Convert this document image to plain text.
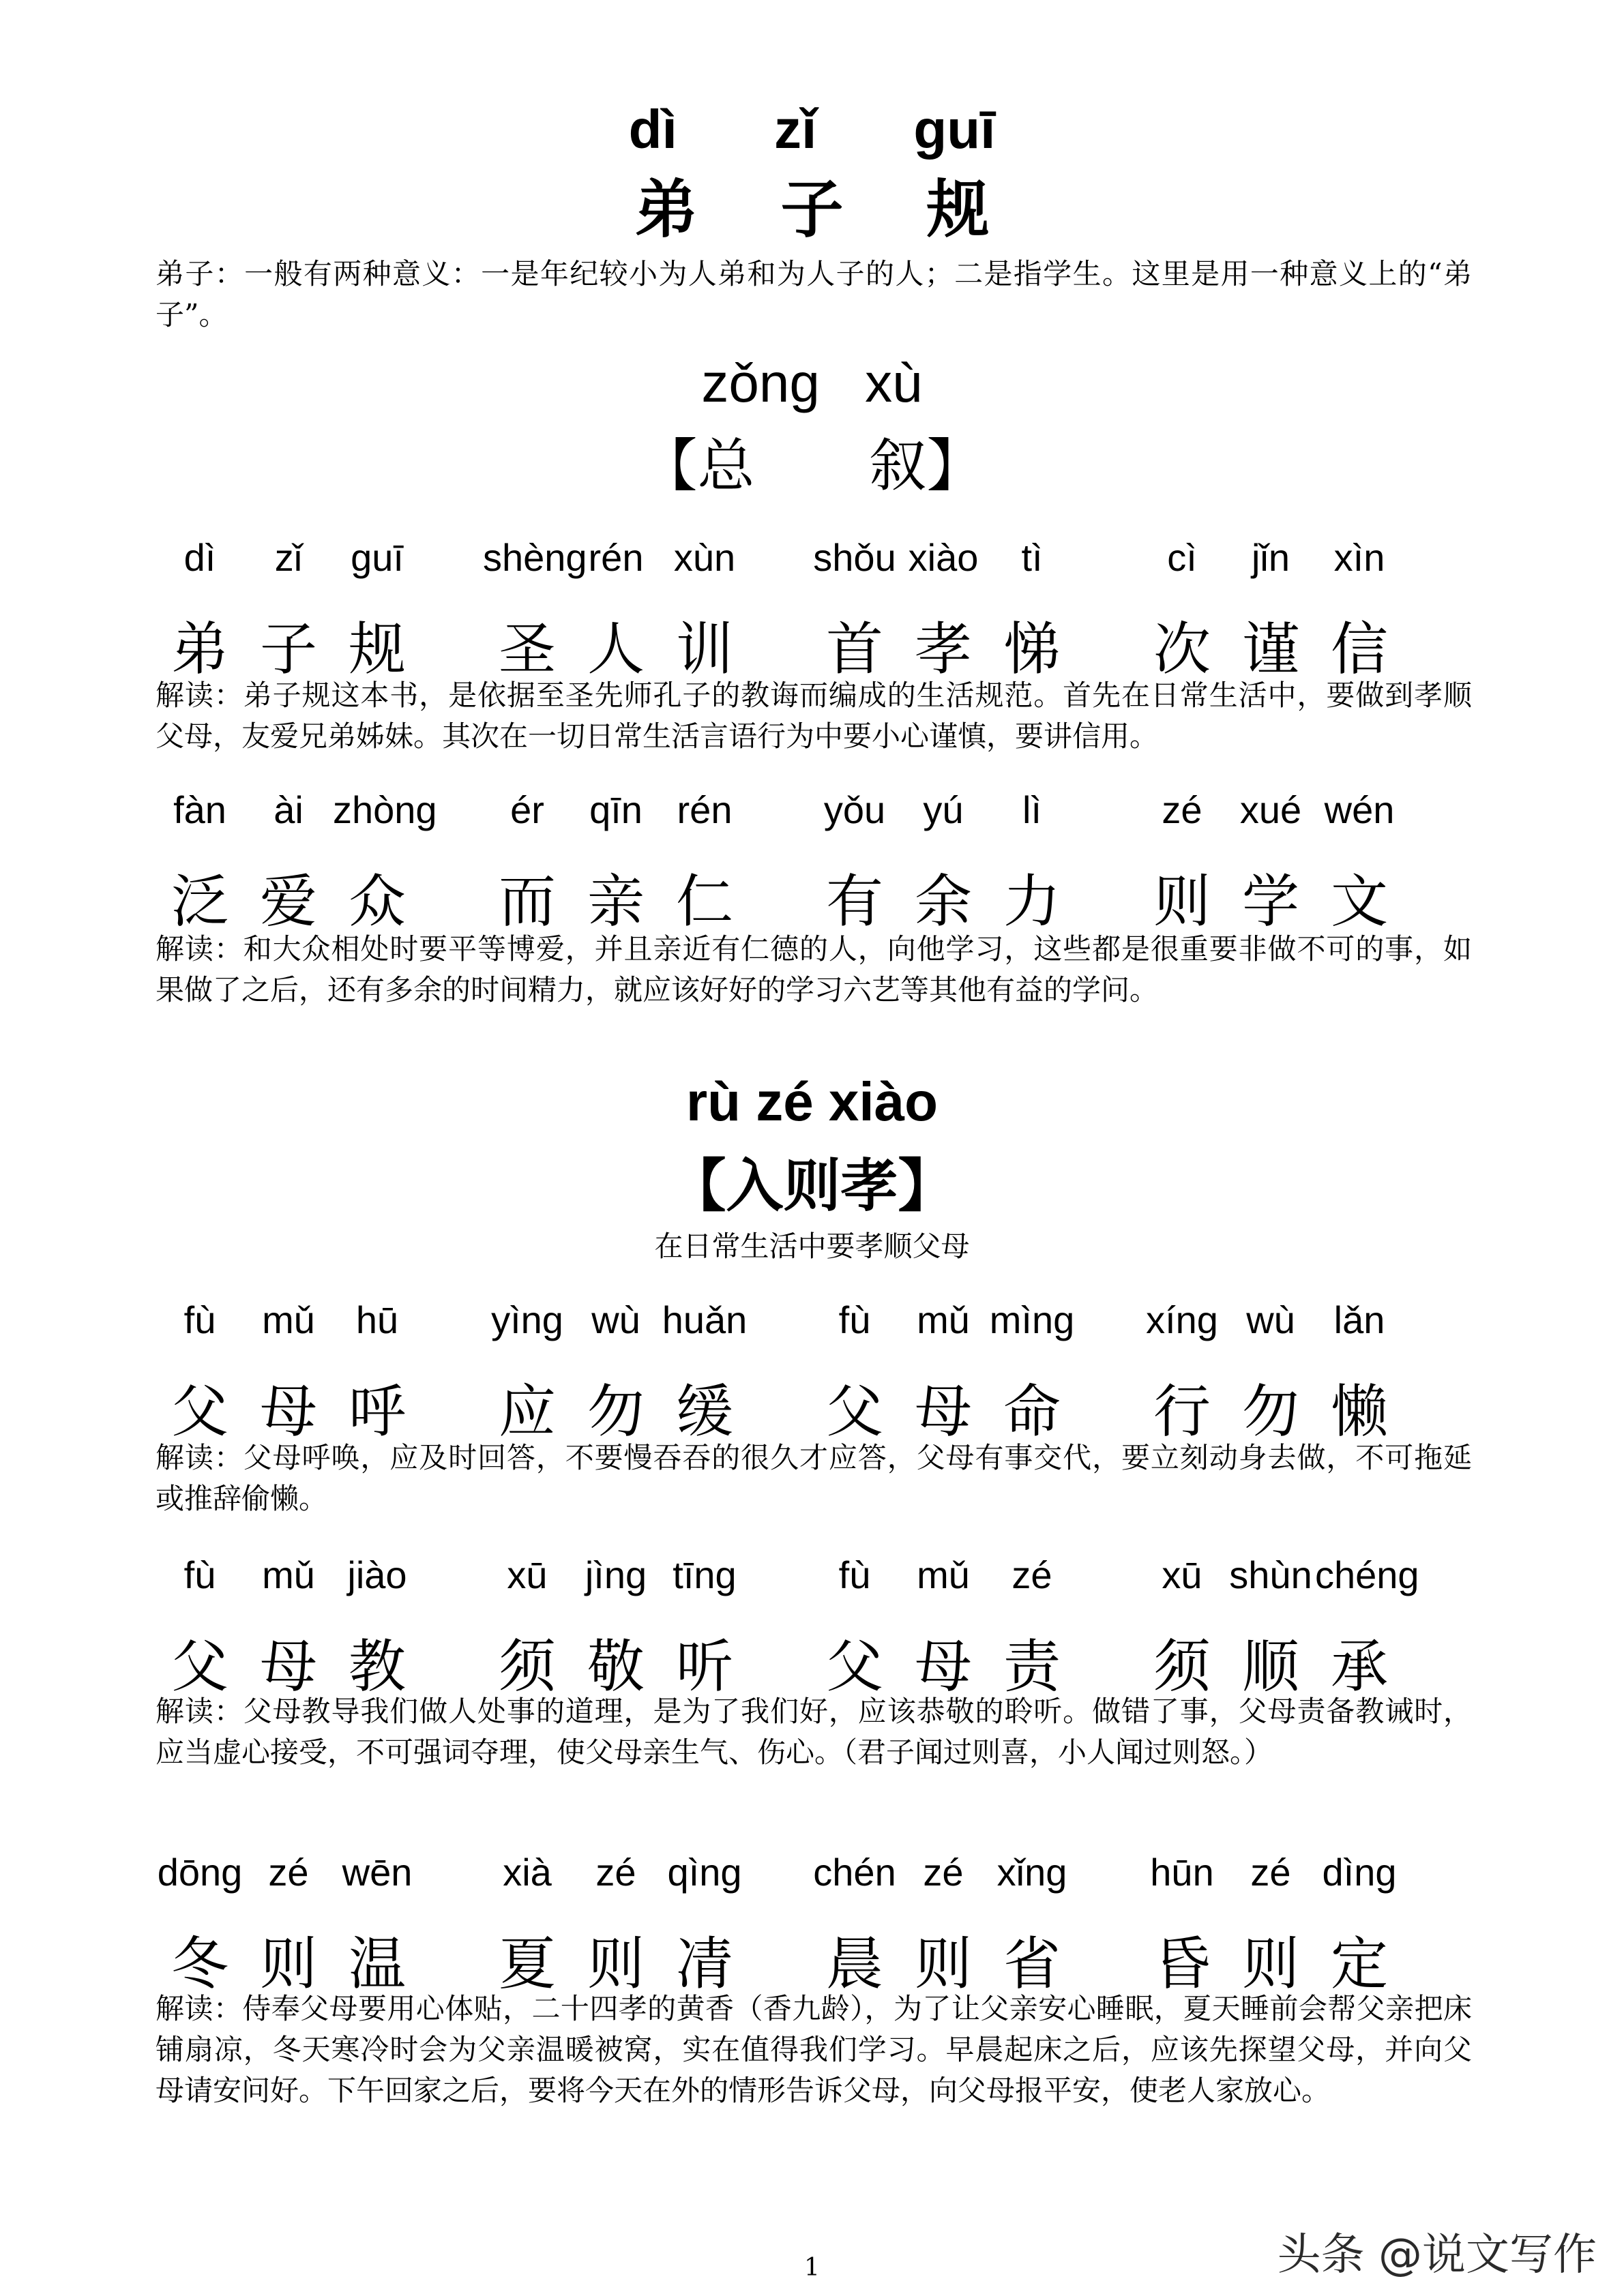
dì zǐ guī
弟 子 规
弟子：一般有两种意义：一是年纪较小为人弟和为人子的人；二是指学生。这里是用一种意义上的“弟子”。
zǒng xù
【总　　叙】
dì	zǐ	guī	shèng rén xùn	shǒu xiào	tì	cì	jǐn	xìn
弟 子 规 圣 人 训 首 孝 悌 次 谨 信
解读：弟子规这本书，是依据至圣先师孔子的教诲而编成的生活规范。首先在日常生活中，要做到孝顺父母，友爱兄弟姊妹。其次在一切日常生活言语行为中要小心谨慎，要讲信用。
fàn	ài zhòng	ér	qīn rén	yǒu yú	lì	zé xué wén
泛 爱 众 而 亲 仁 有 余 力 则 学 文
解读：和大众相处时要平等博爱，并且亲近有仁德的人，向他学习，这些都是很重要非做不可的事，如果做了之后，还有多余的时间精力，就应该好好的学习六艺等其他有益的学问。
rù zé xiào
【入则孝】
在日常生活中要孝顺父母
fù	mǔ	hū	yìng wù huǎn	fù	mǔ mìng xíng wù	lǎn
父 母 呼 应 勿 缓 父 母 命 行 勿 懒
解读：父母呼唤，应及时回答，不要慢吞吞的很久才应答，父母有事交代，要立刻动身去做，不可拖延或推辞偷懒。
fù	mǔ jiào	xū jìng tīng	fù	mǔ	zé	xū shùn chéng
父 母 教 须 敬 听 父 母 责 须 顺 承
解读：父母教导我们做人处事的道理，是为了我们好，应该恭敬的聆听。做错了事，父母责备教诫时，应当虚心接受，不可强词夺理，使父母亲生气、伤心。（君子闻过则喜，小人闻过则怒。）
dōng zé wēn	xià	zé qìng chén zé xǐng	hūn zé dìng
冬 则 温 夏 则 凊 晨 则 省 昏 则 定
解读：侍奉父母要用心体贴，二十四孝的黄香（香九龄），为了让父亲安心睡眠，夏天睡前会帮父亲把床铺扇凉，冬天寒冷时会为父亲温暖被窝，实在值得我们学习。早晨起床之后，应该先探望父母，并向父母请安问好。下午回家之后，要将今天在外的情形告诉父母，向父母报平安，使老人家放心。
1	头条 @说文写作
